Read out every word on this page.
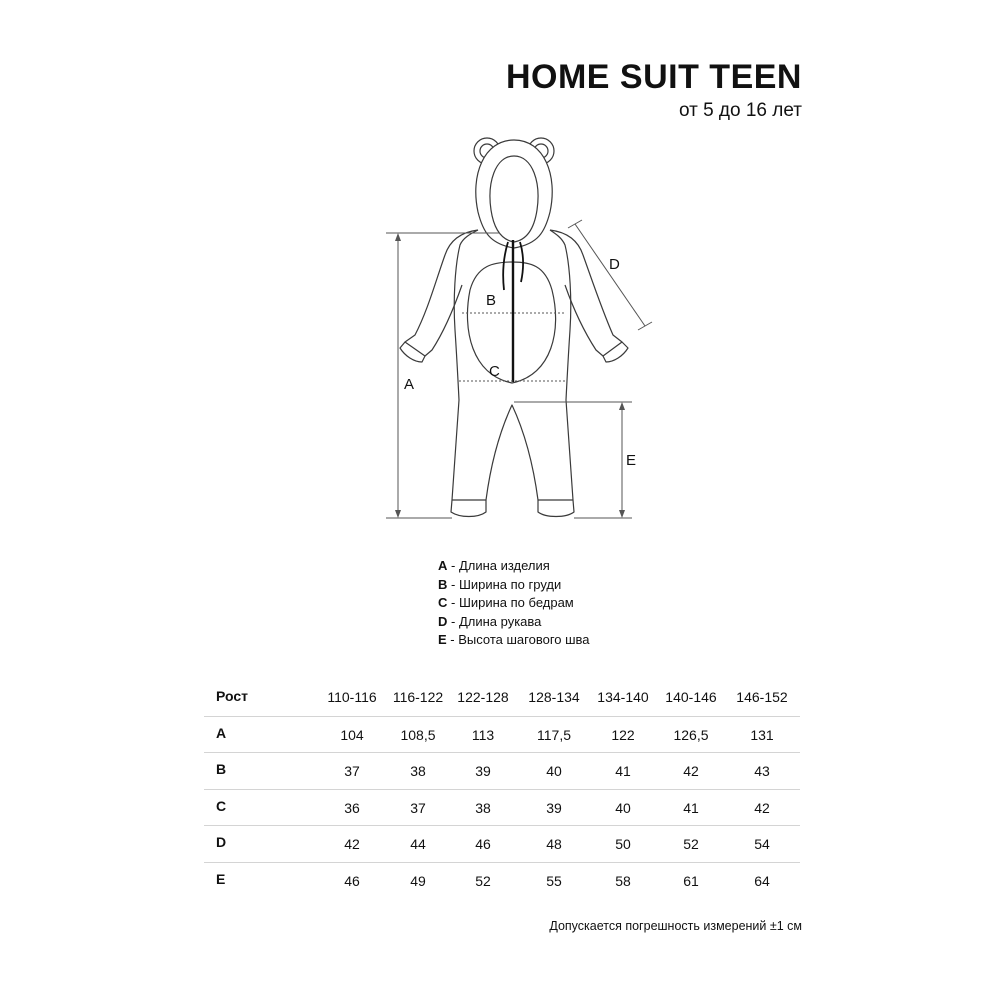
HOME SUIT TEEN
от 5 до 16 лет
A
B
C
D
E
A - Длина изделия
B - Ширина по груди
C - Ширина по бедрам
D - Длина рукава
E - Высота шагового шва
Рост	110-116	116-122	122-128	128-134	134-140	140-146	146-152
A	104	108,5	113	117,5	122	126,5	131
B	37	38	39	40	41	42	43
C	36	37	38	39	40	41	42
D	42	44	46	48	50	52	54
E	46	49	52	55	58	61	64
Допускается погрешность измерений ±1 см
